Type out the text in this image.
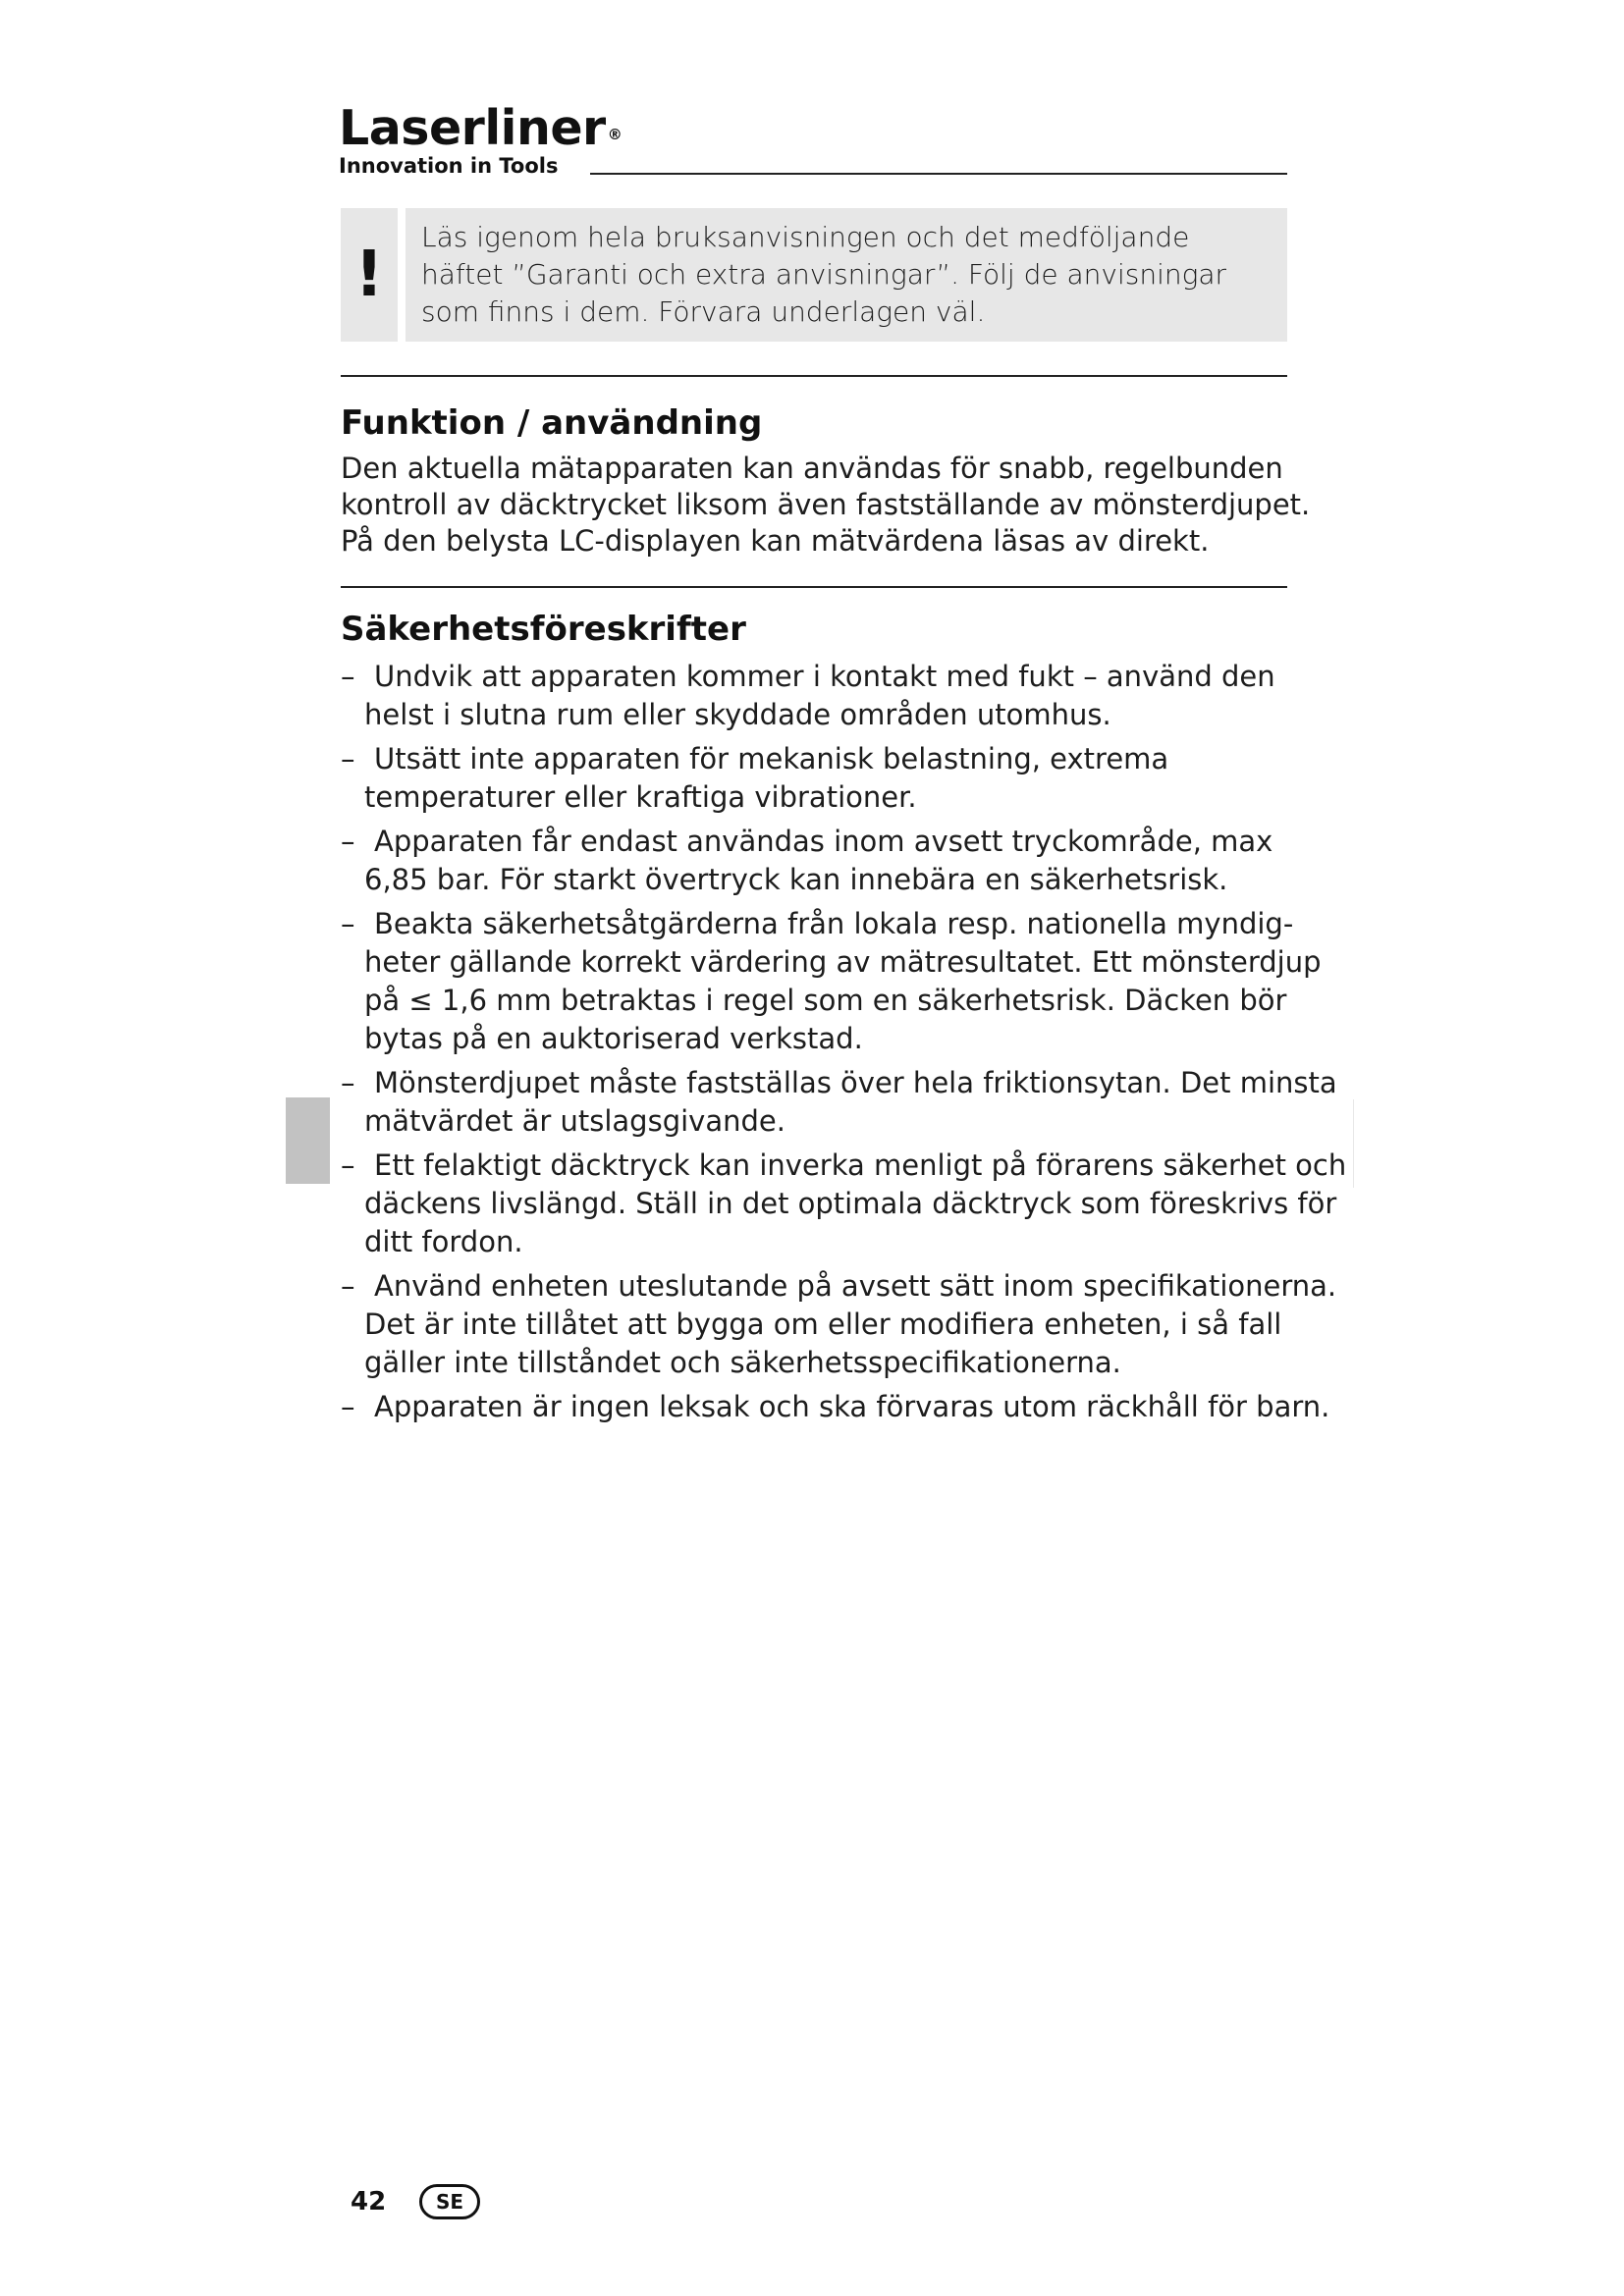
Laserliner ®
Innovation in Tools
!
Läs igenom hela bruksanvisningen och det medföljande
häftet ”Garanti och extra anvisningar”. Följ de anvisningar
som finns i dem. Förvara underlagen väl.
Funktion / användning
Den aktuella mätapparaten kan användas för snabb, regelbunden
kontroll av däcktrycket liksom även fastställande av mönsterdjupet.
På den belysta LC-displayen kan mätvärdena läsas av direkt.
Säkerhetsföreskrifter
– Undvik att apparaten kommer i kontakt med fukt – använd den
helst i slutna rum eller skyddade områden utomhus.
– Utsätt inte apparaten för mekanisk belastning, extrema
temperaturer eller kraftiga vibrationer.
– Apparaten får endast användas inom avsett tryckområde, max
6,85 bar. För starkt övertryck kan innebära en säkerhetsrisk.
– Beakta säkerhetsåtgärderna från lokala resp. nationella myndig-
heter gällande korrekt värdering av mätresultatet. Ett mönsterdjup
på ≤ 1,6 mm betraktas i regel som en säkerhetsrisk. Däcken bör
bytas på en auktoriserad verkstad.
– Mönsterdjupet måste fastställas över hela friktionsytan. Det minsta
mätvärdet är utslagsgivande.
– Ett felaktigt däcktryck kan inverka menligt på förarens säkerhet och
däckens livslängd. Ställ in det optimala däcktryck som föreskrivs för
ditt fordon.
– Använd enheten uteslutande på avsett sätt inom specifikationerna.
Det är inte tillåtet att bygga om eller modifiera enheten, i så fall
gäller inte tillståndet och säkerhetsspecifikationerna.
– Apparaten är ingen leksak och ska förvaras utom räckhåll för barn.
42	SE
